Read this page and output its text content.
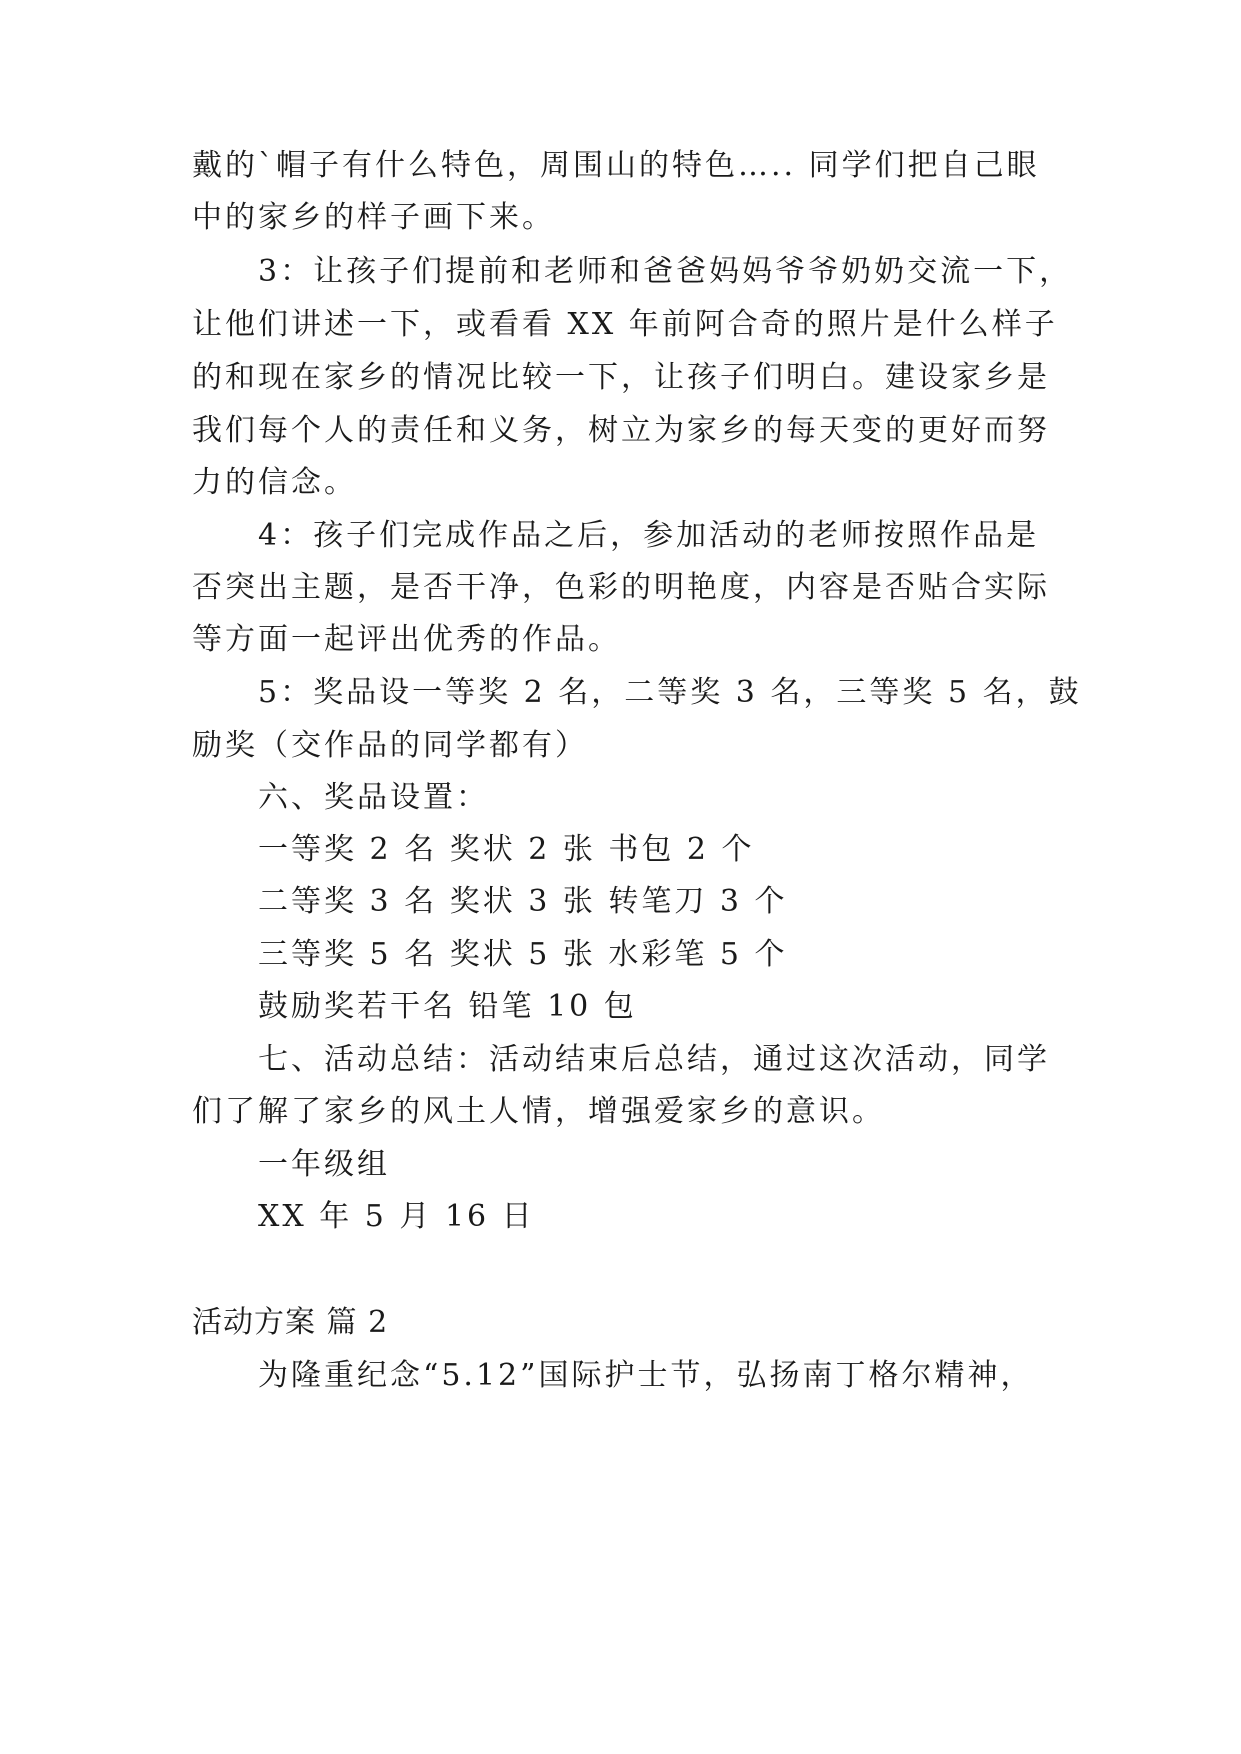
戴的`帽子有什么特色，周围山的特色….. 同学们把自己眼
中的家乡的样子画下来。
3：让孩子们提前和老师和爸爸妈妈爷爷奶奶交流一下，
让他们讲述一下，或看看 XX 年前阿合奇的照片是什么样子
的和现在家乡的情况比较一下，让孩子们明白。建设家乡是
我们每个人的责任和义务，树立为家乡的每天变的更好而努
力的信念。
4：孩子们完成作品之后，参加活动的老师按照作品是
否突出主题，是否干净，色彩的明艳度，内容是否贴合实际
等方面一起评出优秀的作品。
5：奖品设一等奖 2 名，二等奖 3 名，三等奖 5 名，鼓
励奖（交作品的同学都有）
六、奖品设置：
一等奖 2 名 奖状 2 张 书包 2 个
二等奖 3 名 奖状 3 张 转笔刀 3 个
三等奖 5 名 奖状 5 张 水彩笔 5 个
鼓励奖若干名 铅笔 10 包
七、活动总结：活动结束后总结，通过这次活动，同学
们了解了家乡的风土人情，增强爱家乡的意识。
一年级组
XX 年 5 月 16 日
活动方案 篇 2
为隆重纪念“5.12”国际护士节，弘扬南丁格尔精神，
